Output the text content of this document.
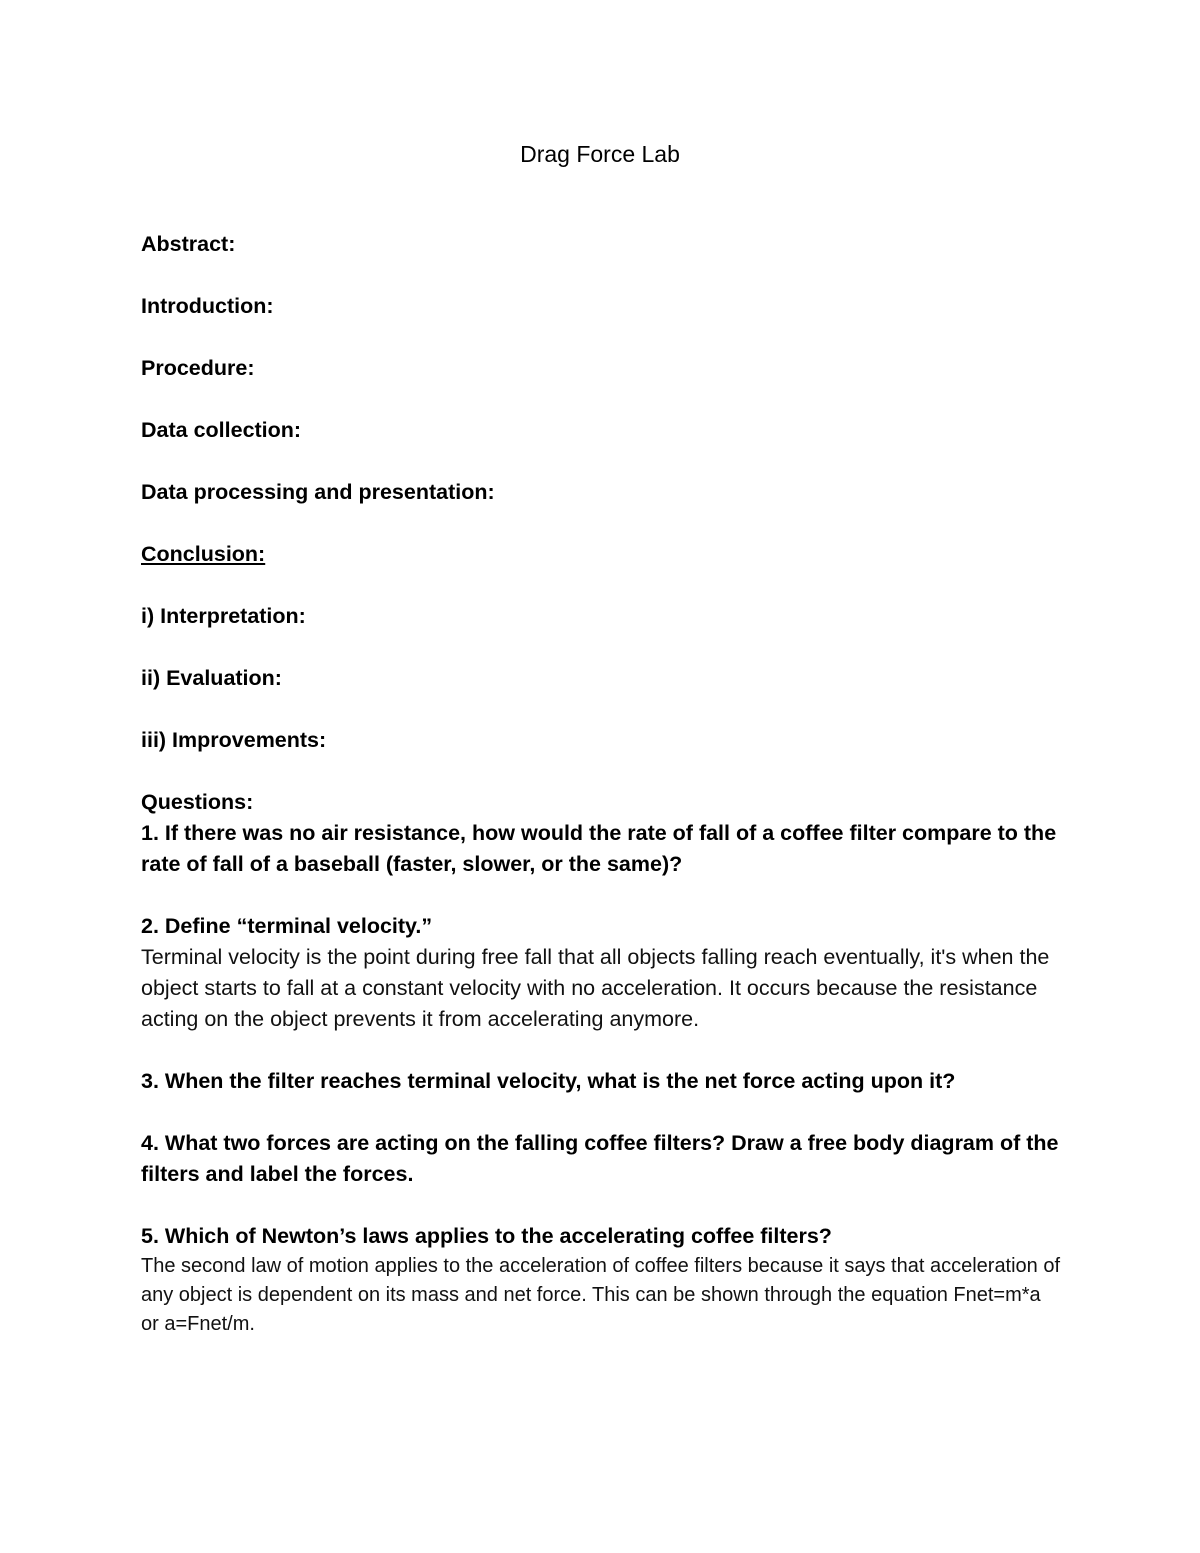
Drag Force Lab

Abstract:

Introduction:

Procedure:

Data collection:

Data processing and presentation:

Conclusion:

i) Interpretation:

ii) Evaluation:

iii) Improvements:

Questions:

1. If there was no air resistance, how would the rate of fall of a coffee filter compare to the rate of fall of a baseball (faster, slower, or the same)?

2. Define “terminal velocity.”

Terminal velocity is the point during free fall that all objects falling reach eventually, it's when the object starts to fall at a constant velocity with no acceleration. It occurs because the resistance acting on the object prevents it from accelerating anymore.

3. When the filter reaches terminal velocity, what is the net force acting upon it?

4. What two forces are acting on the falling coffee filters? Draw a free body diagram of the filters and label the forces.

5. Which of Newton’s laws applies to the accelerating coffee filters?

The second law of motion applies to the acceleration of coffee filters because it says that acceleration of any object is dependent on its mass and net force. This can be shown through the equation Fnet=m*a or a=Fnet/m.
